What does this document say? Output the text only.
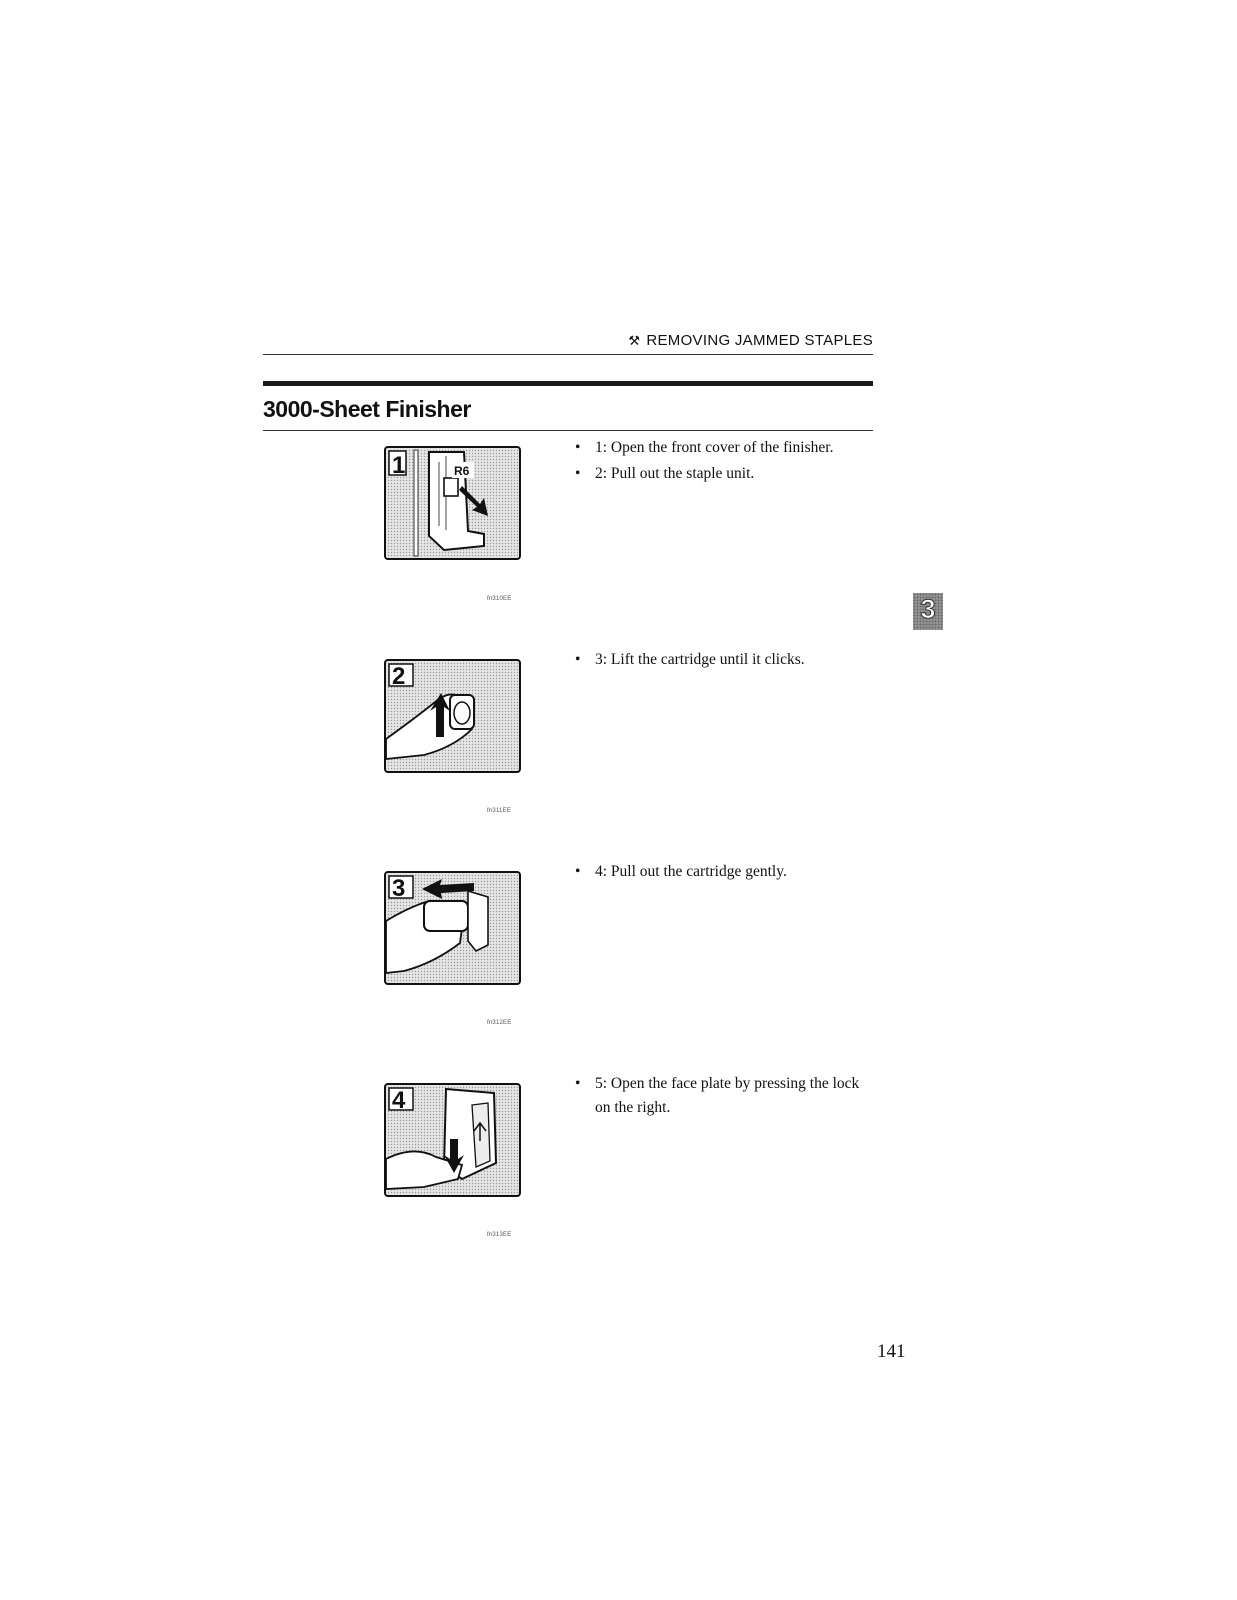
⚒ REMOVING JAMMED STAPLES
3000-Sheet Finisher
1	R6
fn310EE
2
fn311EE
3
fn312EE
4
fn313EE
• 1: Open the front cover of the finisher.
• 2: Pull out the staple unit.
• 3: Lift the cartridge until it clicks.
• 4: Pull out the cartridge gently.
• 5: Open the face plate by pressing the lock on the right.
3
141
